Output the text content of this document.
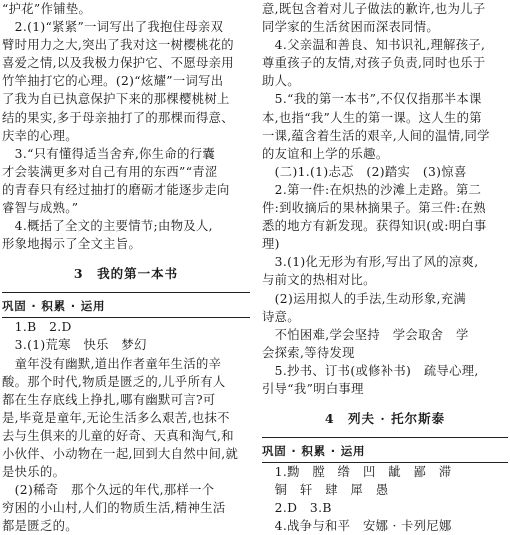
“护花”作铺垫。

　2.(1)“紧紧”一词写出了我抱住母亲双

臂时用力之大,突出了我对这一树樱桃花的

喜爱之情,以及我极力保护它、不愿母亲用

竹竿抽打它的心理。(2)“炫耀”一词写出

了我为自已执意保护下来的那棵樱桃树上

结的果实,多于母亲抽打了的那棵而得意、

庆幸的心理。

　3.“只有懂得适当舍弃,你生命的行囊

才会装满更多对自己有用的东西”“青涩

的青春只有经过抽打的磨砺才能逐步走向

睿智与成熟。”

　4.概括了全文的主要情节;由物及人,

形象地揭示了全文主旨。

3　我的第一本书
巩固 · 积累 · 运用

　1.B　2.D

　3.(1)荒寒　快乐　梦幻

　童年没有幽默,道出作者童年生活的辛

酸。那个时代,物质是匮乏的,儿乎所有人

都在生存底线上挣扎,哪有幽默可言?可

是,毕竟是童年,无论生活多么艰苦,也抹不

去与生俱来的儿童的好奇、天真和淘气,和

小伙伴、小动物在一起,回到大自然中间,就

是快乐的。

　(2)稀奇　那个久远的年代,那样一个

穷困的小山村,人们的物质生活,精神生活

都是匮乏的。

意,既包含着对儿子做法的歉许,也为儿子

同学家的生活贫困而深表同情。

　4.父亲温和善良、知书识礼,理解孩子,

尊重孩子的友情,对孩子负责,同时也乐于

助人。

　5.“我的第一本书”,不仅仅指那半本课

本,也指“我”人生的第一课。这人生的第

一课,蕴含着生活的艰辛,人间的温情,同学

的友谊和上学的乐趣。

　(二)1.(1)忐忑　(2)踏实　(3)惊喜

　2.第一件:在炽热的沙滩上走路。第二

件:到收摘后的果林摘果子。第三件:在熟

悉的地方有新发现。获得知识(或:明白事

理)

　3.(1)化无形为有形,写出了风的凉爽,

与前文的热相对比。

　(2)运用拟人的手法,生动形象,充满

诗意。

　不怕困难,学会坚持　学会取舍　学

会探索,等待发现

　5.抄书、订书(或修补书)　疏导心理,

引导“我”明白事理

4　列夫 · 托尔斯泰
巩固 · 积累 · 运用

　1.黝　膛　绺　凹　龇　鄙　滞

　铜　轩　肆　犀　愚

　2.D　3.B

　4.战争与和平　安娜 · 卡列尼娜
